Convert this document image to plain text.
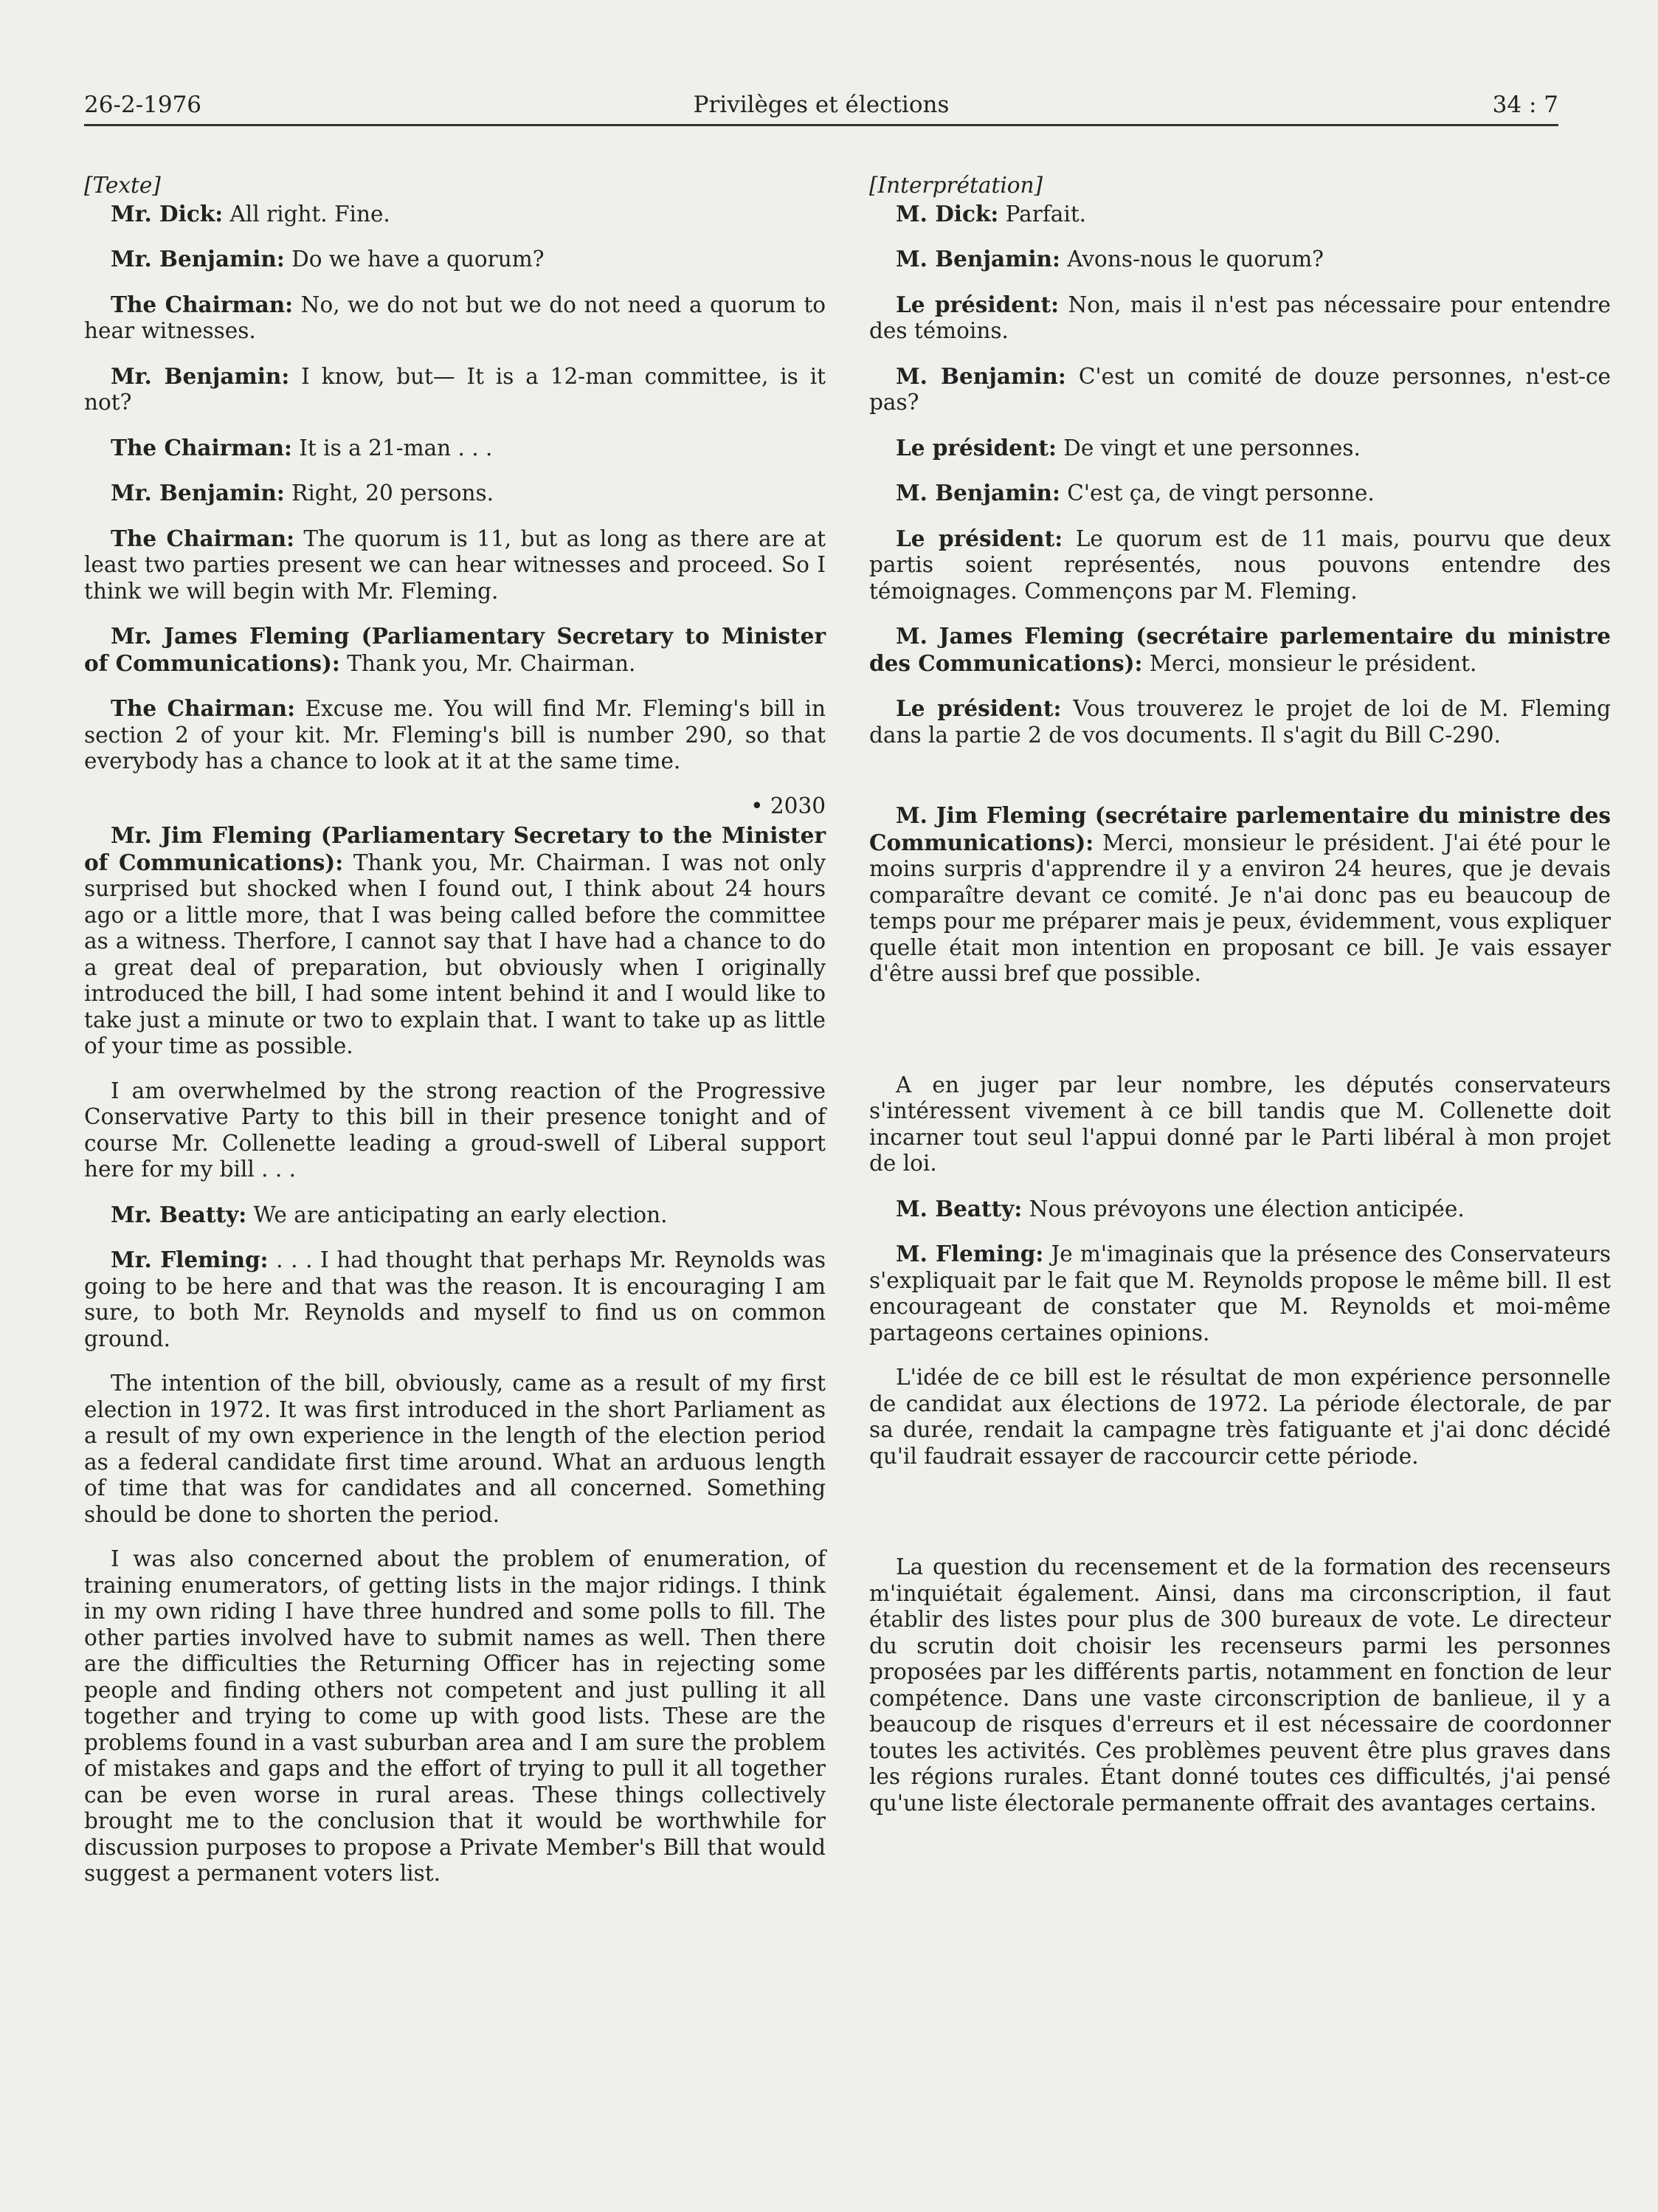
26-2-1976	Privilèges et élections	34 : 7

[Texte]

Mr. Dick: All right. Fine.

Mr. Benjamin: Do we have a quorum?

The Chairman: No, we do not but we do not need a quorum to hear witnesses.

Mr. Benjamin: I know, but— It is a 12-man committee, is it not?

The Chairman: It is a 21-man . . .

Mr. Benjamin: Right, 20 persons.

The Chairman: The quorum is 11, but as long as there are at least two parties present we can hear witnesses and proceed. So I think we will begin with Mr. Fleming.

Mr. James Fleming (Parliamentary Secretary to Minister of Communications): Thank you, Mr. Chairman.

The Chairman: Excuse me. You will find Mr. Fleming's bill in section 2 of your kit. Mr. Fleming's bill is number 290, so that everybody has a chance to look at it at the same time.

• 2030

Mr. Jim Fleming (Parliamentary Secretary to the Minister of Communications): Thank you, Mr. Chairman. I was not only surprised but shocked when I found out, I think about 24 hours ago or a little more, that I was being called before the committee as a witness. Therfore, I cannot say that I have had a chance to do a great deal of preparation, but obviously when I originally introduced the bill, I had some intent behind it and I would like to take just a minute or two to explain that. I want to take up as little of your time as possible.

I am overwhelmed by the strong reaction of the Progressive Conservative Party to this bill in their presence tonight and of course Mr. Collenette leading a groud-swell of Liberal support here for my bill . . .

Mr. Beatty: We are anticipating an early election.

Mr. Fleming: . . . I had thought that perhaps Mr. Reynolds was going to be here and that was the reason. It is encouraging I am sure, to both Mr. Reynolds and myself to find us on common ground.

The intention of the bill, obviously, came as a result of my first election in 1972. It was first introduced in the short Parliament as a result of my own experience in the length of the election period as a federal candidate first time around. What an arduous length of time that was for candidates and all concerned. Something should be done to shorten the period.

I was also concerned about the problem of enumeration, of training enumerators, of getting lists in the major ridings. I think in my own riding I have three hundred and some polls to fill. The other parties involved have to submit names as well. Then there are the difficulties the Returning Officer has in rejecting some people and finding others not competent and just pulling it all together and trying to come up with good lists. These are the problems found in a vast suburban area and I am sure the problem of mistakes and gaps and the effort of trying to pull it all together can be even worse in rural areas. These things collectively brought me to the conclusion that it would be worthwhile for discussion purposes to propose a Private Member's Bill that would suggest a permanent voters list.

[Interprétation]

M. Dick: Parfait.

M. Benjamin: Avons-nous le quorum?

Le président: Non, mais il n'est pas nécessaire pour entendre des témoins.

M. Benjamin: C'est un comité de douze personnes, n'est-ce pas?

Le président: De vingt et une personnes.

M. Benjamin: C'est ça, de vingt personne.

Le président: Le quorum est de 11 mais, pourvu que deux partis soient représentés, nous pouvons entendre des témoignages. Commençons par M. Fleming.

M. James Fleming (secrétaire parlementaire du ministre des Communications): Merci, monsieur le président.

Le président: Vous trouverez le projet de loi de M. Fleming dans la partie 2 de vos documents. Il s'agit du Bill C-290.

M. Jim Fleming (secrétaire parlementaire du ministre des Communications): Merci, monsieur le président. J'ai été pour le moins surpris d'apprendre il y a environ 24 heures, que je devais comparaître devant ce comité. Je n'ai donc pas eu beaucoup de temps pour me préparer mais je peux, évidemment, vous expliquer quelle était mon intention en proposant ce bill. Je vais essayer d'être aussi bref que possible.

A en juger par leur nombre, les députés conservateurs s'intéressent vivement à ce bill tandis que M. Collenette doit incarner tout seul l'appui donné par le Parti libéral à mon projet de loi.

M. Beatty: Nous prévoyons une élection anticipée.

M. Fleming: Je m'imaginais que la présence des Conservateurs s'expliquait par le fait que M. Reynolds propose le même bill. Il est encourageant de constater que M. Reynolds et moi-même partageons certaines opinions.

L'idée de ce bill est le résultat de mon expérience personnelle de candidat aux élections de 1972. La période électorale, de par sa durée, rendait la campagne très fatiguante et j'ai donc décidé qu'il faudrait essayer de raccourcir cette période.

La question du recensement et de la formation des recenseurs m'inquiétait également. Ainsi, dans ma circonscription, il faut établir des listes pour plus de 300 bureaux de vote. Le directeur du scrutin doit choisir les recenseurs parmi les personnes proposées par les différents partis, notamment en fonction de leur compétence. Dans une vaste circonscription de banlieue, il y a beaucoup de risques d'erreurs et il est nécessaire de coordonner toutes les activités. Ces problèmes peuvent être plus graves dans les régions rurales. Étant donné toutes ces difficultés, j'ai pensé qu'une liste électorale permanente offrait des avantages certains.
